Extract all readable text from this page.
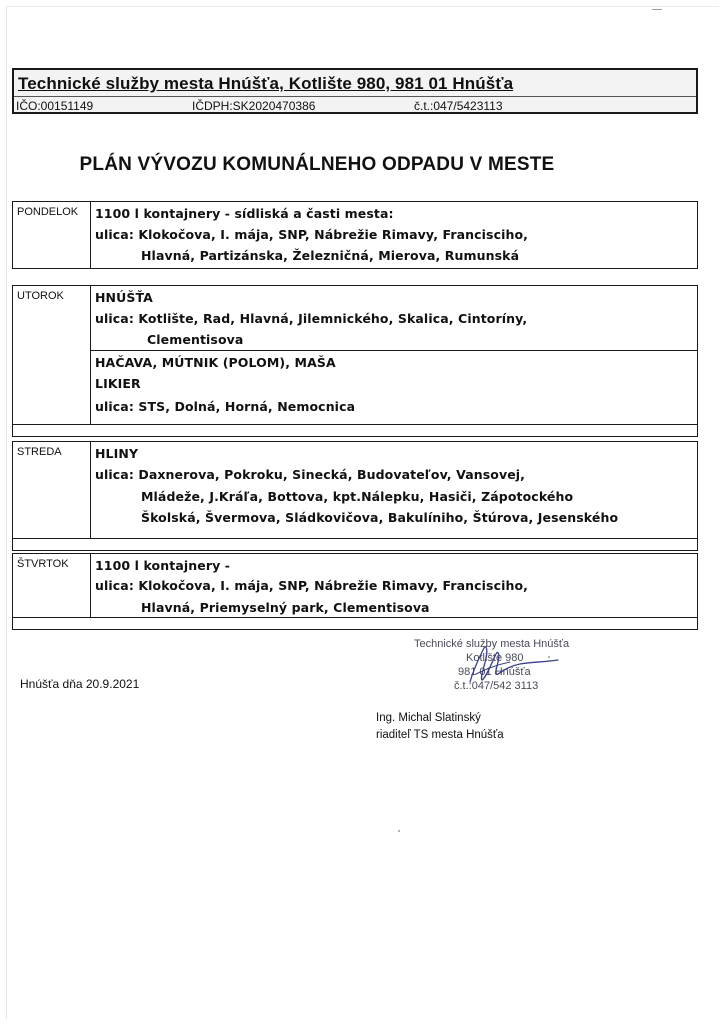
Technické služby mesta Hnúšťa, Kotlište 980, 981 01 Hnúšťa
IČO:00151149	IČDPH:SK2020470386	č.t.:047/5423113
PLÁN VÝVOZU KOMUNÁLNEHO ODPADU V MESTE
PONDELOK 1100 l kontajnery - sídliská a časti mesta:
ulica: Klokočova, I. mája, SNP, Nábrežie Rimavy, Francisciho,
Hlavná, Partizánska, Železničná, Mierova, Rumunská
UTOROK HNÚŠŤA
ulica: Kotlište, Rad, Hlavná, Jilemnického, Skalica, Cintoríny,
Clementisova
HAČAVA, MÚTNIK (POLOM), MAŠA
LIKIER
ulica: STS, Dolná, Horná, Nemocnica
STREDA	HLINY
ulica: Daxnerova, Pokroku, Sinecká, Budovateľov, Vansovej,
Mládeže, J.Kráľa, Bottova, kpt.Nálepku, Hasiči, Zápotockého
Školská, Švermova, Sládkovičova, Bakulíniho, Štúrova, Jesenského
ŠTVRTOK 1100 l kontajnery -
ulica: Klokočova, I. mája, SNP, Nábrežie Rimavy, Francisciho,
Hlavná, Priemyselný park, Clementisova
Hnúšťa dňa 20.9.2021
Technické služby mesta Hnúšťa
Kotlište 980
981 01 Hnúšťa
č.t.:047/542 3113
Ing. Michal Slatinský
riaditeľ TS mesta Hnúšťa
